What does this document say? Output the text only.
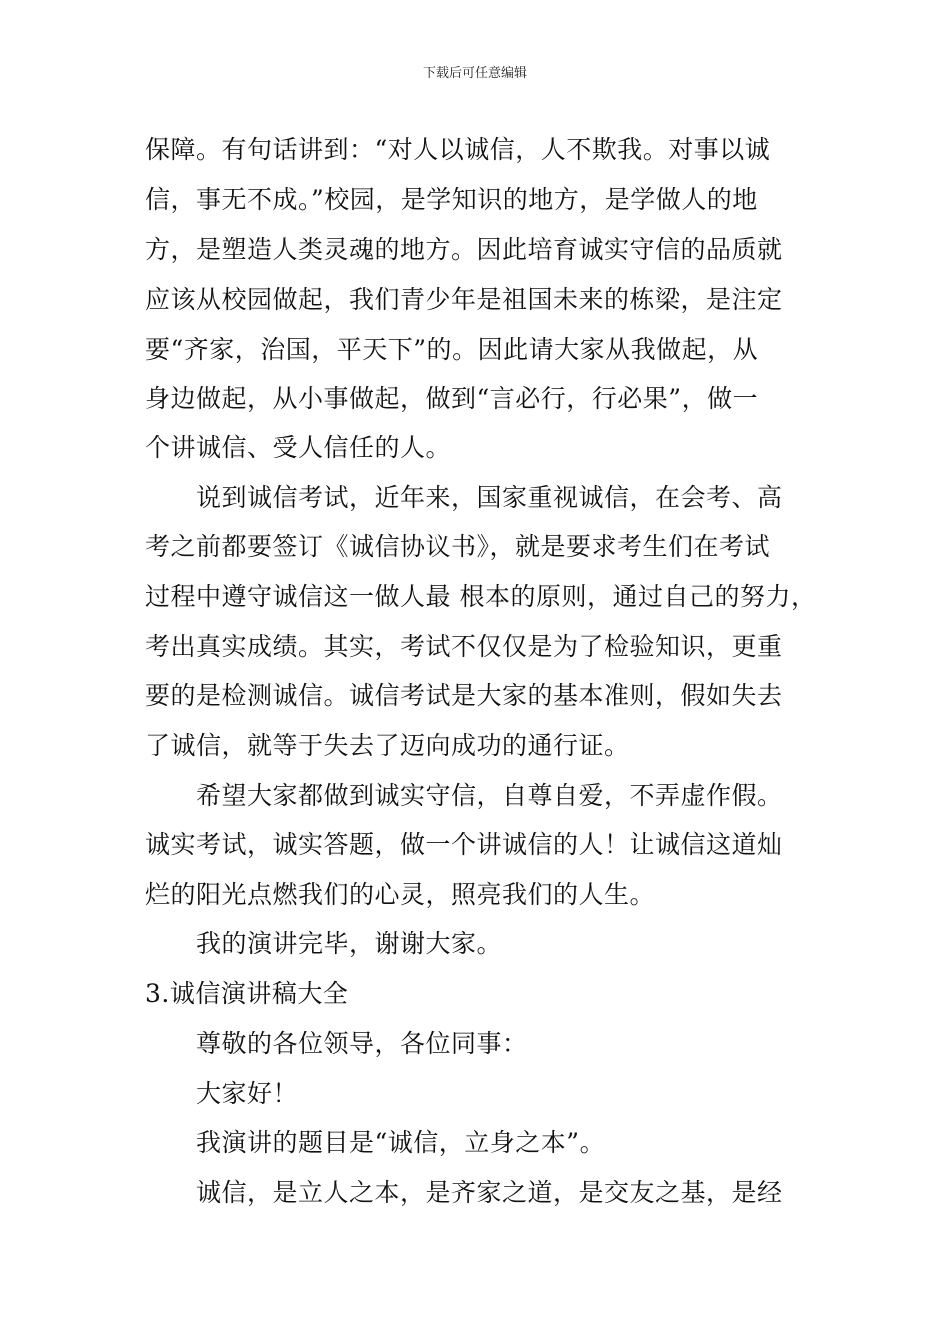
下载后可任意编辑
保障。有句话讲到：“对人以诚信，人不欺我。对事以诚
信，事无不成。”校园，是学知识的地方，是学做人的地
方，是塑造人类灵魂的地方。因此培育诚实守信的品质就
应该从校园做起，我们青少年是祖国未来的栋梁，是注定
要“齐家，治国，平天下”的。因此请大家从我做起，从
身边做起，从小事做起，做到“言必行，行必果”，做一
个讲诚信、受人信任的人。
说到诚信考试，近年来，国家重视诚信，在会考、高
考之前都要签订《诚信协议书》，就是要求考生们在考试
过程中遵守诚信这一做人最 根本的原则，通过自己的努力，
考出真实成绩。其实，考试不仅仅是为了检验知识，更重
要的是检测诚信。诚信考试是大家的基本准则，假如失去
了诚信，就等于失去了迈向成功的通行证。
希望大家都做到诚实守信，自尊自爱，不弄虚作假。
诚实考试，诚实答题，做一个讲诚信的人！让诚信这道灿
烂的阳光点燃我们的心灵，照亮我们的人生。
我的演讲完毕，谢谢大家。
3.诚信演讲稿大全
尊敬的各位领导，各位同事：
大家好！
我演讲的题目是“诚信，立身之本”。
诚信，是立人之本，是齐家之道，是交友之基，是经
